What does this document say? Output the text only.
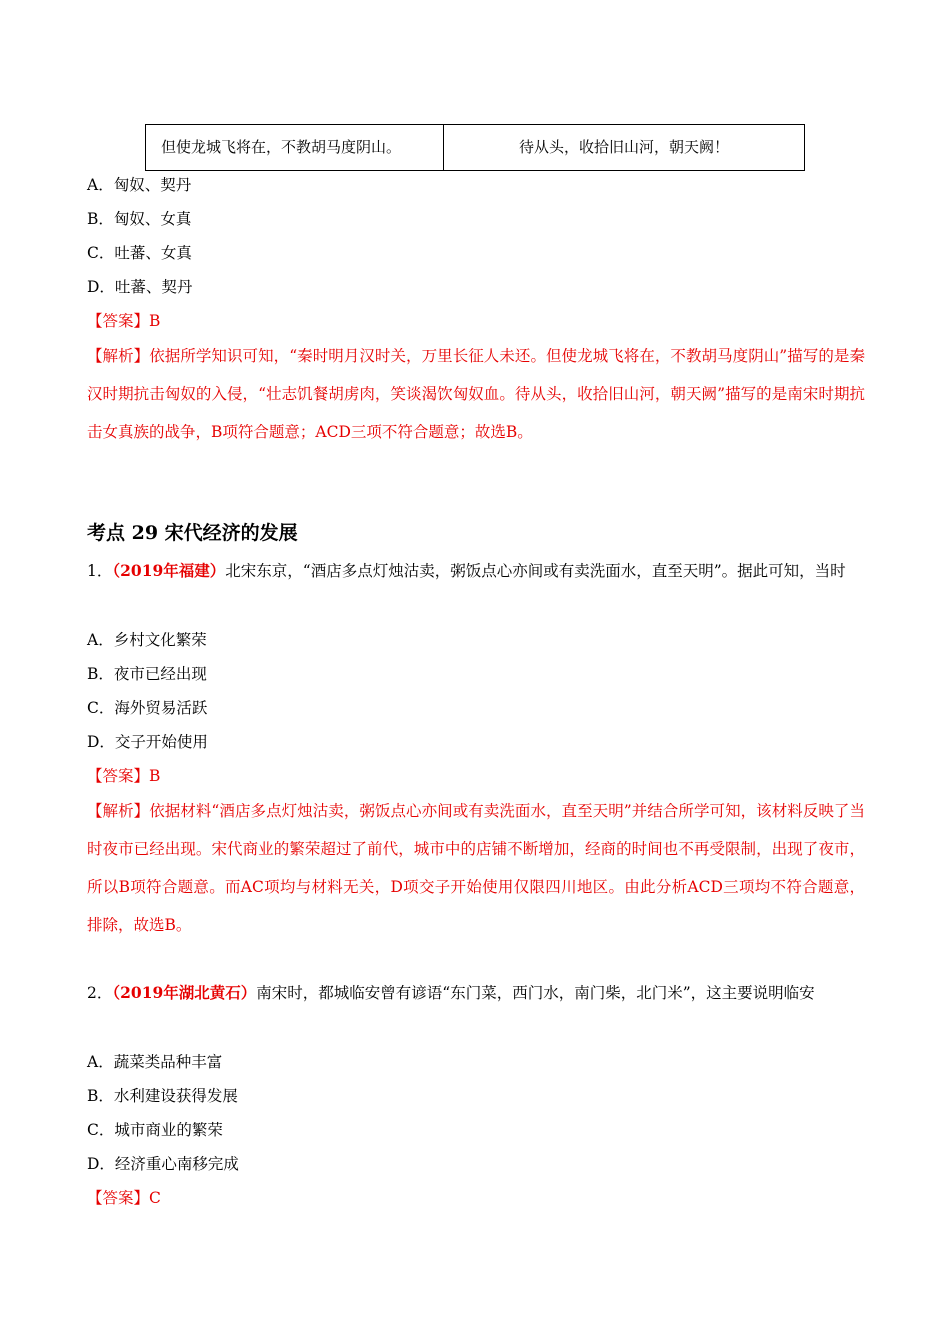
但使龙城飞将在，不教胡马度阴山。	待从头，收拾旧山河，朝天阙！
A．匈奴、契丹
B．匈奴、女真
C．吐蕃、女真
D．吐蕃、契丹
【答案】B
【解析】依据所学知识可知，“秦时明月汉时关，万里长征人未还。但使龙城飞将在，不教胡马度阴山”描写的是秦汉时期抗击匈奴的入侵，“壮志饥餐胡虏肉，笑谈渴饮匈奴血。待从头，收拾旧山河，朝天阙”描写的是南宋时期抗击女真族的战争，B项符合题意；ACD三项不符合题意；故选B。
考点 29 宋代经济的发展
1．（2019年福建）北宋东京，“酒店多点灯烛沽卖，粥饭点心亦间或有卖洗面水，直至天明”。据此可知，当时
A．乡村文化繁荣
B．夜市已经出现
C．海外贸易活跃
D．交子开始使用
【答案】B
【解析】依据材料“酒店多点灯烛沽卖，粥饭点心亦间或有卖洗面水，直至天明”并结合所学可知，该材料反映了当时夜市已经出现。宋代商业的繁荣超过了前代，城市中的店铺不断增加，经商的时间也不再受限制，出现了夜市，所以B项符合题意。而AC项均与材料无关，D项交子开始使用仅限四川地区。由此分析ACD三项均不符合题意，排除，故选B。
2．（2019年湖北黄石）南宋时，都城临安曾有谚语“东门菜，西门水，南门柴，北门米”，这主要说明临安
A．蔬菜类品种丰富
B．水利建设获得发展
C．城市商业的繁荣
D．经济重心南移完成
【答案】C
